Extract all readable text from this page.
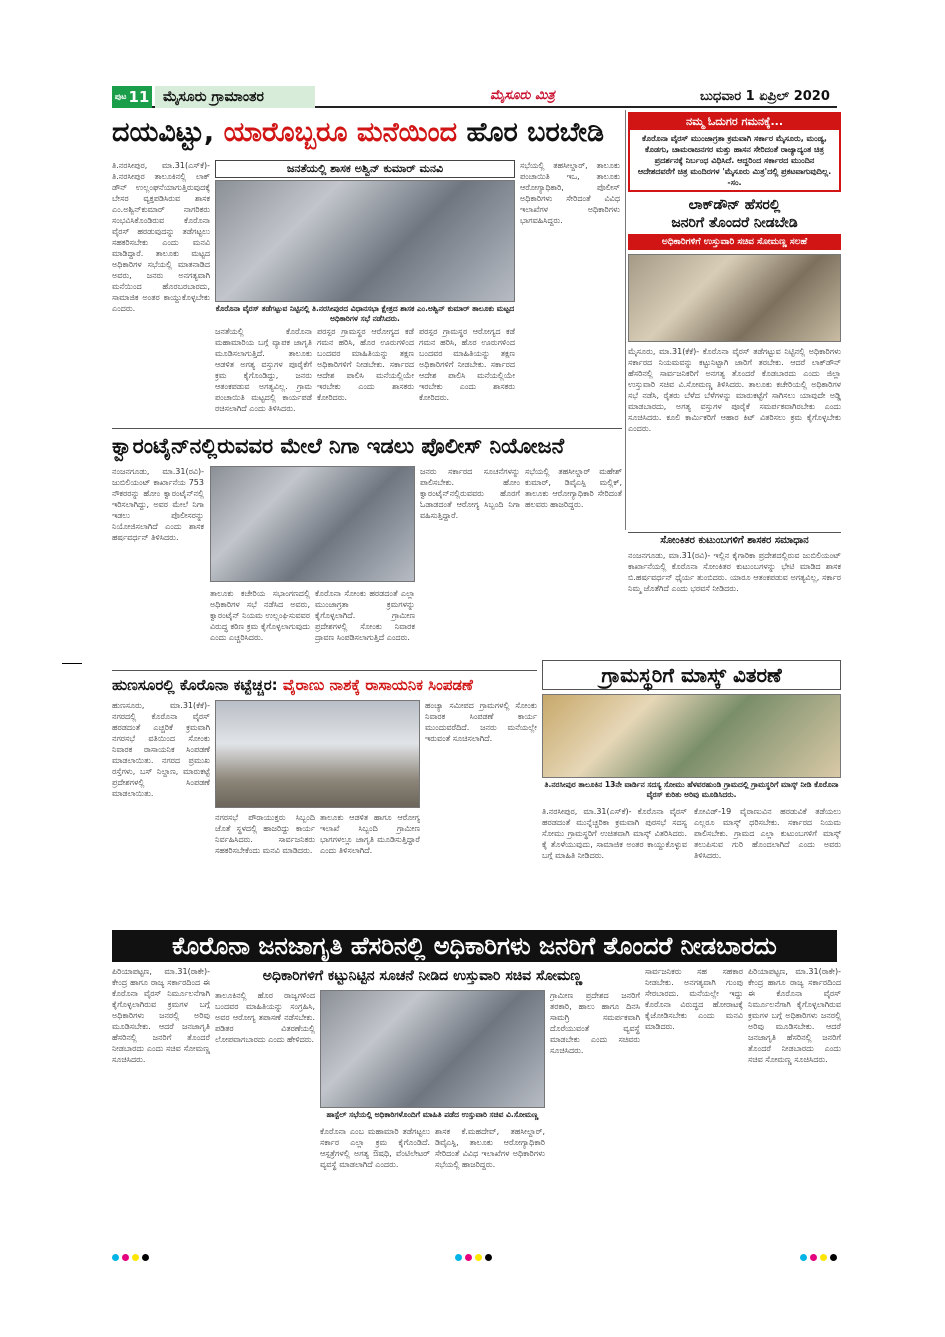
ಪುಟ 11 ಮೈಸೂರು ಗ್ರಾಮಾಂತರ	ಮೈಸೂರು ಮಿತ್ರ	ಬುಧವಾರ 1 ಏಪ್ರಿಲ್ 2020
ದಯವಿಟ್ಟು, ಯಾರೊಬ್ಬರೂ ಮನೆಯಿಂದ ಹೊರ ಬರಬೇಡಿ
ಜನತೆಯಲ್ಲಿ ಶಾಸಕ ಅಶ್ವಿನ್ ಕುಮಾರ್ ಮನವಿ
ಕೊರೊನಾ ವೈರಸ್ ತಡೆಗಟ್ಟುವ ನಿಟ್ಟಿನಲ್ಲಿ ತಿ.ನರಸೀಪುರದ ವಿಧಾನಸಭಾ ಕ್ಷೇತ್ರದ ಶಾಸಕ ಎಂ.ಅಶ್ವಿನ್ ಕುಮಾರ್ ತಾಲೂಕು ಮಟ್ಟದ ಅಧಿಕಾರಿಗಳ ಸಭೆ ನಡೆಸಿದರು.
ತಿ.ನರಸೀಪುರ, ಮಾ.31(ಎಸ್‌ಕೆ)- ತಿ.ನರಸೀಪುರ ತಾಲೂಕಿನಲ್ಲಿ ಲಾಕ್ ಡೌನ್ ಉಲ್ಲಂಘನೆಯಾಗುತ್ತಿರುವುದಕ್ಕೆ ಬೇಸರ ವ್ಯಕ್ತಪಡಿಸಿರುವ ಶಾಸಕ ಎಂ.ಅಶ್ವಿನ್‌ಕುಮಾರ್ ನಾಗರಿಕರು ಸಂಭವಿಸಿಕೊಂಡಿರುವ ಕೊರೊನಾ ವೈರಸ್ ಹರಡುವುದನ್ನು ತಡೆಗಟ್ಟಲು ಸಹಕರಿಸಬೇಕು ಎಂದು ಮನವಿ ಮಾಡಿದ್ದಾರೆ. ತಾಲೂಕು ಮಟ್ಟದ ಅಧಿಕಾರಿಗಳ ಸಭೆಯಲ್ಲಿ ಮಾತನಾಡಿದ ಅವರು, ಜನರು ಅನಗತ್ಯವಾಗಿ ಮನೆಯಿಂದ ಹೊರಬರಬಾರದು, ಸಾಮಾಜಿಕ ಅಂತರ ಕಾಯ್ದುಕೊಳ್ಳಬೇಕು ಎಂದರು.
ಜನತೆಯಲ್ಲಿ ಕೊರೊನಾ ಮಹಾಮಾರಿಯ ಬಗ್ಗೆ ವ್ಯಾಪಕ ಜಾಗೃತಿ ಮೂಡಿಸಲಾಗುತ್ತಿದೆ. ತಾಲೂಕು ಆಡಳಿತ ಅಗತ್ಯ ವಸ್ತುಗಳ ಪೂರೈಕೆಗೆ ಕ್ರಮ ಕೈಗೊಂಡಿದ್ದು, ಜನರು ಆತಂಕಪಡುವ ಅಗತ್ಯವಿಲ್ಲ. ಗ್ರಾಮ ಪಂಚಾಯಿತಿ ಮಟ್ಟದಲ್ಲಿ ಕಾರ್ಯಪಡೆ ರಚಿಸಲಾಗಿದೆ ಎಂದು ತಿಳಿಸಿದರು.
ಪರಸ್ಪರ ಗ್ರಾಮಸ್ಥರ ಆರೋಗ್ಯದ ಕಡೆ ಗಮನ ಹರಿಸಿ, ಹೊರ ಊರುಗಳಿಂದ ಬಂದವರ ಮಾಹಿತಿಯನ್ನು ತಕ್ಷಣ ಅಧಿಕಾರಿಗಳಿಗೆ ನೀಡಬೇಕು. ಸರ್ಕಾರದ ಆದೇಶ ಪಾಲಿಸಿ ಮನೆಯಲ್ಲಿಯೇ ಇರಬೇಕು ಎಂದು ಶಾಸಕರು ಕೋರಿದರು.
ಪರಸ್ಪರ ಗ್ರಾಮಸ್ಥರ ಆರೋಗ್ಯದ ಕಡೆ ಗಮನ ಹರಿಸಿ, ಹೊರ ಊರುಗಳಿಂದ ಬಂದವರ ಮಾಹಿತಿಯನ್ನು ತಕ್ಷಣ ಅಧಿಕಾರಿಗಳಿಗೆ ನೀಡಬೇಕು. ಸರ್ಕಾರದ ಆದೇಶ ಪಾಲಿಸಿ ಮನೆಯಲ್ಲಿಯೇ ಇರಬೇಕು ಎಂದು ಶಾಸಕರು ಕೋರಿದರು.
ಸಭೆಯಲ್ಲಿ ತಹಸೀಲ್ದಾರ್, ತಾಲೂಕು ಪಂಚಾಯಿತಿ ಇಒ, ತಾಲೂಕು ಆರೋಗ್ಯಾಧಿಕಾರಿ, ಪೊಲೀಸ್ ಅಧಿಕಾರಿಗಳು ಸೇರಿದಂತೆ ವಿವಿಧ ಇಲಾಖೆಗಳ ಅಧಿಕಾರಿಗಳು ಭಾಗವಹಿಸಿದ್ದರು.
ನಮ್ಮ ಓದುಗರ ಗಮನಕ್ಕೆ...
ಕೊರೊನಾ ವೈರಸ್ ಮುಂಜಾಗ್ರತಾ ಕ್ರಮವಾಗಿ ಸರ್ಕಾರ ಮೈಸೂರು, ಮಂಡ್ಯ, ಕೊಡಗು, ಚಾಮರಾಜನಗರ ಮತ್ತು ಹಾಸನ ಸೇರಿದಂತೆ ರಾಜ್ಯಾದ್ಯಂತ ಚಿತ್ರ ಪ್ರದರ್ಶನಕ್ಕೆ ನಿರ್ಬಂಧ ವಿಧಿಸಿದೆ. ಆದ್ದರಿಂದ ಸರ್ಕಾರದ ಮುಂದಿನ ಆದೇಶದವರೆಗೆ ಚಿತ್ರ ಮಂದಿರಗಳ 'ಮೈಸೂರು ಮಿತ್ರ'ದಲ್ಲಿ ಪ್ರಕಟವಾಗುವುದಿಲ್ಲ. -ಸಂ.
ಲಾಕ್‌ಡೌನ್ ಹೆಸರಲ್ಲಿ
ಜನರಿಗೆ ತೊಂದರೆ ನೀಡಬೇಡಿ
ಅಧಿಕಾರಿಗಳಿಗೆ ಉಸ್ತುವಾರಿ ಸಚಿವ ಸೋಮಣ್ಣ ಸಲಹೆ
ಮೈಸೂರು, ಮಾ.31(ಕೆಕೆ)- ಕೊರೊನಾ ವೈರಸ್ ತಡೆಗಟ್ಟುವ ನಿಟ್ಟಿನಲ್ಲಿ ಅಧಿಕಾರಿಗಳು ಸರ್ಕಾರದ ನಿಯಮವನ್ನು ಕಟ್ಟುನಿಟ್ಟಾಗಿ ಜಾರಿಗೆ ತರಬೇಕು. ಆದರೆ ಲಾಕ್‌ಡೌನ್ ಹೆಸರಿನಲ್ಲಿ ಸಾರ್ವಜನಿಕರಿಗೆ ಅನಗತ್ಯ ತೊಂದರೆ ಕೊಡಬಾರದು ಎಂದು ಜಿಲ್ಲಾ ಉಸ್ತುವಾರಿ ಸಚಿವ ವಿ.ಸೋಮಣ್ಣ ತಿಳಿಸಿದರು. ತಾಲೂಕು ಕಚೇರಿಯಲ್ಲಿ ಅಧಿಕಾರಿಗಳ ಸಭೆ ನಡೆಸಿ, ರೈತರು ಬೆಳೆದ ಬೆಳೆಗಳನ್ನು ಮಾರುಕಟ್ಟೆಗೆ ಸಾಗಿಸಲು ಯಾವುದೇ ಅಡ್ಡಿ ಮಾಡಬಾರದು, ಅಗತ್ಯ ವಸ್ತುಗಳ ಪೂರೈಕೆ ಸಮರ್ಪಕವಾಗಿರಬೇಕು ಎಂದು ಸೂಚಿಸಿದರು. ಕೂಲಿ ಕಾರ್ಮಿಕರಿಗೆ ಆಹಾರ ಕಿಟ್ ವಿತರಿಸಲು ಕ್ರಮ ಕೈಗೊಳ್ಳಬೇಕು ಎಂದರು.
ಕ್ವಾರಂಟೈನ್‌ನಲ್ಲಿರುವವರ ಮೇಲೆ ನಿಗಾ ಇಡಲು ಪೊಲೀಸ್ ನಿಯೋಜನೆ
ನಂಜನಗೂಡು, ಮಾ.31(ರವಿ)- ಜುಬಿಲಿಯಂಟ್ ಕಾರ್ಖಾನೆಯ 753 ನೌಕರರನ್ನು ಹೋಂ ಕ್ವಾರಂಟೈನ್‌ನಲ್ಲಿ ಇರಿಸಲಾಗಿದ್ದು, ಅವರ ಮೇಲೆ ನಿಗಾ ಇಡಲು ಪೊಲೀಸರನ್ನು ನಿಯೋಜಿಸಲಾಗಿದೆ ಎಂದು ಶಾಸಕ ಹರ್ಷವರ್ಧನ್ ತಿಳಿಸಿದರು.
ತಾಲೂಕು ಕಚೇರಿಯ ಸಭಾಂಗಣದಲ್ಲಿ ಅಧಿಕಾರಿಗಳ ಸಭೆ ನಡೆಸಿದ ಅವರು, ಕ್ವಾರಂಟೈನ್ ನಿಯಮ ಉಲ್ಲಂಘಿಸುವವರ ವಿರುದ್ಧ ಕಠಿಣ ಕ್ರಮ ಕೈಗೊಳ್ಳಲಾಗುವುದು ಎಂದು ಎಚ್ಚರಿಸಿದರು.
ಕೊರೊನಾ ಸೋಂಕು ಹರಡದಂತೆ ಎಲ್ಲಾ ಮುಂಜಾಗ್ರತಾ ಕ್ರಮಗಳನ್ನು ಕೈಗೊಳ್ಳಲಾಗಿದೆ. ಗ್ರಾಮೀಣ ಪ್ರದೇಶಗಳಲ್ಲಿ ಸೋಂಕು ನಿವಾರಕ ದ್ರಾವಣ ಸಿಂಪಡಿಸಲಾಗುತ್ತಿದೆ ಎಂದರು.
ಜನರು ಸರ್ಕಾರದ ಸೂಚನೆಗಳನ್ನು ಪಾಲಿಸಬೇಕು. ಹೋಂ ಕ್ವಾರಂಟೈನ್‌ನಲ್ಲಿರುವವರು ಹೊರಗೆ ಓಡಾಡದಂತೆ ಆರೋಗ್ಯ ಸಿಬ್ಬಂದಿ ನಿಗಾ ವಹಿಸುತ್ತಿದ್ದಾರೆ.
ಸಭೆಯಲ್ಲಿ ತಹಸೀಲ್ದಾರ್ ಮಹೇಶ್ ಕುಮಾರ್, ಡಿವೈಎಸ್ಪಿ ಮಲ್ಲಿಕ್, ತಾಲೂಕು ಆರೋಗ್ಯಾಧಿಕಾರಿ ಸೇರಿದಂತೆ ಹಲವರು ಹಾಜರಿದ್ದರು.
ಸೋಂಕಿತರ ಕುಟುಂಬಗಳಿಗೆ ಶಾಸಕರ ಸಮಾಧಾನ
ನಂಜನಗೂಡು, ಮಾ.31(ರವಿ)- ಇಲ್ಲಿನ ಕೈಗಾರಿಕಾ ಪ್ರದೇಶದಲ್ಲಿರುವ ಜುಬಿಲಿಯಂಟ್ ಕಾರ್ಖಾನೆಯಲ್ಲಿ ಕೊರೊನಾ ಸೋಂಕಿತರ ಕುಟುಂಬಗಳನ್ನು ಭೇಟಿ ಮಾಡಿದ ಶಾಸಕ ಬಿ.ಹರ್ಷವರ್ಧನ್ ಧೈರ್ಯ ತುಂಬಿದರು. ಯಾರೂ ಆತಂಕಪಡುವ ಅಗತ್ಯವಿಲ್ಲ, ಸರ್ಕಾರ ನಿಮ್ಮ ಜೊತೆಗಿದೆ ಎಂದು ಭರವಸೆ ನೀಡಿದರು.
ಹುಣಸೂರಲ್ಲಿ ಕೊರೊನಾ ಕಟ್ಟೆಚ್ಚರ: ವೈರಾಣು ನಾಶಕ್ಕೆ ರಾಸಾಯನಿಕ ಸಿಂಪಡಣೆ
ಹುಣಸೂರು, ಮಾ.31(ಕೆಕೆ)- ನಗರದಲ್ಲಿ ಕೊರೊನಾ ವೈರಸ್ ಹರಡದಂತೆ ಎಚ್ಚರಿಕೆ ಕ್ರಮವಾಗಿ ನಗರಸಭೆ ವತಿಯಿಂದ ಸೋಂಕು ನಿವಾರಕ ರಾಸಾಯನಿಕ ಸಿಂಪಡಣೆ ಮಾಡಲಾಯಿತು. ನಗರದ ಪ್ರಮುಖ ರಸ್ತೆಗಳು, ಬಸ್ ನಿಲ್ದಾಣ, ಮಾರುಕಟ್ಟೆ ಪ್ರದೇಶಗಳಲ್ಲಿ ಸಿಂಪಡಣೆ ಮಾಡಲಾಯಿತು.
ನಗರಸಭೆ ಪೌರಾಯುಕ್ತರು ಸಿಬ್ಬಂದಿ ಜೊತೆ ಸ್ಥಳದಲ್ಲಿ ಹಾಜರಿದ್ದು ಕಾರ್ಯ ನಿರ್ವಹಿಸಿದರು. ಸಾರ್ವಜನಿಕರು ಸಹಕರಿಸಬೇಕೆಂದು ಮನವಿ ಮಾಡಿದರು.
ತಾಲೂಕು ಆಡಳಿತ ಹಾಗೂ ಆರೋಗ್ಯ ಇಲಾಖೆ ಸಿಬ್ಬಂದಿ ಗ್ರಾಮೀಣ ಭಾಗಗಳಲ್ಲೂ ಜಾಗೃತಿ ಮೂಡಿಸುತ್ತಿದ್ದಾರೆ ಎಂದು ತಿಳಿಸಲಾಗಿದೆ.
ಹಂಚ್ಯಾ ಸಮೀಪದ ಗ್ರಾಮಗಳಲ್ಲಿ ಸೋಂಕು ನಿವಾರಕ ಸಿಂಪಡಣೆ ಕಾರ್ಯ ಮುಂದುವರೆದಿದೆ. ಜನರು ಮನೆಯಲ್ಲೇ ಇರುವಂತೆ ಸೂಚಿಸಲಾಗಿದೆ.
ಗ್ರಾಮಸ್ಥರಿಗೆ ಮಾಸ್ಕ್ ವಿತರಣೆ
ತಿ.ನರಸೀಪುರ ತಾಲೂಕಿನ 13ನೇ ವಾರ್ಡಿನ ಸದಸ್ಯ ಸೋಮು ಹೆಳವರಹುಂಡಿ ಗ್ರಾಮದಲ್ಲಿ ಗ್ರಾಮಸ್ಥರಿಗೆ ಮಾಸ್ಕ್ ನೀಡಿ ಕೊರೊನಾ ವೈರಸ್ ಕುರಿತು ಅರಿವು ಮೂಡಿಸಿದರು.
ತಿ.ನರಸೀಪುರ, ಮಾ.31(ಎಸ್‌ಕೆ)- ಕೊರೊನಾ ವೈರಸ್ ಹರಡದಂತೆ ಮುನ್ನೆಚ್ಚರಿಕಾ ಕ್ರಮವಾಗಿ ಪುರಸಭೆ ಸದಸ್ಯ ಸೋಮು ಗ್ರಾಮಸ್ಥರಿಗೆ ಉಚಿತವಾಗಿ ಮಾಸ್ಕ್ ವಿತರಿಸಿದರು. ಕೈ ತೊಳೆಯುವುದು, ಸಾಮಾಜಿಕ ಅಂತರ ಕಾಯ್ದುಕೊಳ್ಳುವ ಬಗ್ಗೆ ಮಾಹಿತಿ ನೀಡಿದರು.
ಕೋವಿಡ್-19 ವೈರಾಣುವಿನ ಹರಡುವಿಕೆ ತಡೆಯಲು ಎಲ್ಲರೂ ಮಾಸ್ಕ್ ಧರಿಸಬೇಕು. ಸರ್ಕಾರದ ನಿಯಮ ಪಾಲಿಸಬೇಕು. ಗ್ರಾಮದ ಎಲ್ಲಾ ಕುಟುಂಬಗಳಿಗೆ ಮಾಸ್ಕ್ ತಲುಪಿಸುವ ಗುರಿ ಹೊಂದಲಾಗಿದೆ ಎಂದು ಅವರು ತಿಳಿಸಿದರು.
ಕೊರೊನಾ ಜನಜಾಗೃತಿ ಹೆಸರಿನಲ್ಲಿ ಅಧಿಕಾರಿಗಳು ಜನರಿಗೆ ತೊಂದರೆ ನೀಡಬಾರದು
ಅಧಿಕಾರಿಗಳಿಗೆ ಕಟ್ಟುನಿಟ್ಟಿನ ಸೂಚನೆ ನೀಡಿದ ಉಸ್ತುವಾರಿ ಸಚಿವ ಸೋಮಣ್ಣ
ಪಿರಿಯಾಪಟ್ಟಣ, ಮಾ.31(ರಾಕೇ)- ಕೇಂದ್ರ ಹಾಗೂ ರಾಜ್ಯ ಸರ್ಕಾರದಿಂದ ಈ ಕೊರೊನಾ ವೈರಸ್ ನಿರ್ಮೂಲನೆಗಾಗಿ ಕೈಗೊಳ್ಳಲಾಗಿರುವ ಕ್ರಮಗಳ ಬಗ್ಗೆ ಅಧಿಕಾರಿಗಳು ಜನರಲ್ಲಿ ಅರಿವು ಮೂಡಿಸಬೇಕು. ಆದರೆ ಜನಜಾಗೃತಿ ಹೆಸರಿನಲ್ಲಿ ಜನರಿಗೆ ತೊಂದರೆ ನೀಡಬಾರದು ಎಂದು ಸಚಿವ ಸೋಮಣ್ಣ ಸೂಚಿಸಿದರು.
ತಾಲೂಕಿನಲ್ಲಿ ಹೊರ ರಾಜ್ಯಗಳಿಂದ ಬಂದವರ ಮಾಹಿತಿಯನ್ನು ಸಂಗ್ರಹಿಸಿ, ಅವರ ಆರೋಗ್ಯ ತಪಾಸಣೆ ನಡೆಸಬೇಕು. ಪಡಿತರ ವಿತರಣೆಯಲ್ಲಿ ಲೋಪವಾಗಬಾರದು ಎಂದು ಹೇಳಿದರು.
ಹಾಸ್ಟೆಲ್ ಸಭೆಯಲ್ಲಿ ಅಧಿಕಾರಿಗಳೊಂದಿಗೆ ಮಾಹಿತಿ ಪಡೆದ ಉಸ್ತುವಾರಿ ಸಚಿವ ವಿ.ಸೋಮಣ್ಣ
ಕೊರೊನಾ ಎಂಬ ಮಹಾಮಾರಿ ತಡೆಗಟ್ಟಲು ಸರ್ಕಾರ ಎಲ್ಲಾ ಕ್ರಮ ಕೈಗೊಂಡಿದೆ. ಆಸ್ಪತ್ರೆಗಳಲ್ಲಿ ಅಗತ್ಯ ಔಷಧಿ, ವೆಂಟಿಲೇಟರ್ ವ್ಯವಸ್ಥೆ ಮಾಡಲಾಗಿದೆ ಎಂದರು.
ಶಾಸಕ ಕೆ.ಮಹದೇವ್, ತಹಸೀಲ್ದಾರ್, ಡಿವೈಎಸ್ಪಿ, ತಾಲೂಕು ಆರೋಗ್ಯಾಧಿಕಾರಿ ಸೇರಿದಂತೆ ವಿವಿಧ ಇಲಾಖೆಗಳ ಅಧಿಕಾರಿಗಳು ಸಭೆಯಲ್ಲಿ ಹಾಜರಿದ್ದರು.
ಗ್ರಾಮೀಣ ಪ್ರದೇಶದ ಜನರಿಗೆ ತರಕಾರಿ, ಹಾಲು ಹಾಗೂ ದಿನಸಿ ಸಾಮಗ್ರಿ ಸಮರ್ಪಕವಾಗಿ ದೊರೆಯುವಂತೆ ವ್ಯವಸ್ಥೆ ಮಾಡಬೇಕು ಎಂದು ಸಚಿವರು ಸೂಚಿಸಿದರು.
ಸಾರ್ವಜನಿಕರು ಸಹ ಸಹಕಾರ ನೀಡಬೇಕು. ಅನಗತ್ಯವಾಗಿ ಗುಂಪು ಸೇರಬಾರದು. ಮನೆಯಲ್ಲೇ ಇದ್ದು ಕೊರೊನಾ ವಿರುದ್ಧದ ಹೋರಾಟಕ್ಕೆ ಕೈಜೋಡಿಸಬೇಕು ಎಂದು ಮನವಿ ಮಾಡಿದರು.
ಪಿರಿಯಾಪಟ್ಟಣ, ಮಾ.31(ರಾಕೇ)- ಕೇಂದ್ರ ಹಾಗೂ ರಾಜ್ಯ ಸರ್ಕಾರದಿಂದ ಈ ಕೊರೊನಾ ವೈರಸ್ ನಿರ್ಮೂಲನೆಗಾಗಿ ಕೈಗೊಳ್ಳಲಾಗಿರುವ ಕ್ರಮಗಳ ಬಗ್ಗೆ ಅಧಿಕಾರಿಗಳು ಜನರಲ್ಲಿ ಅರಿವು ಮೂಡಿಸಬೇಕು. ಆದರೆ ಜನಜಾಗೃತಿ ಹೆಸರಿನಲ್ಲಿ ಜನರಿಗೆ ತೊಂದರೆ ನೀಡಬಾರದು ಎಂದು ಸಚಿವ ಸೋಮಣ್ಣ ಸೂಚಿಸಿದರು.
